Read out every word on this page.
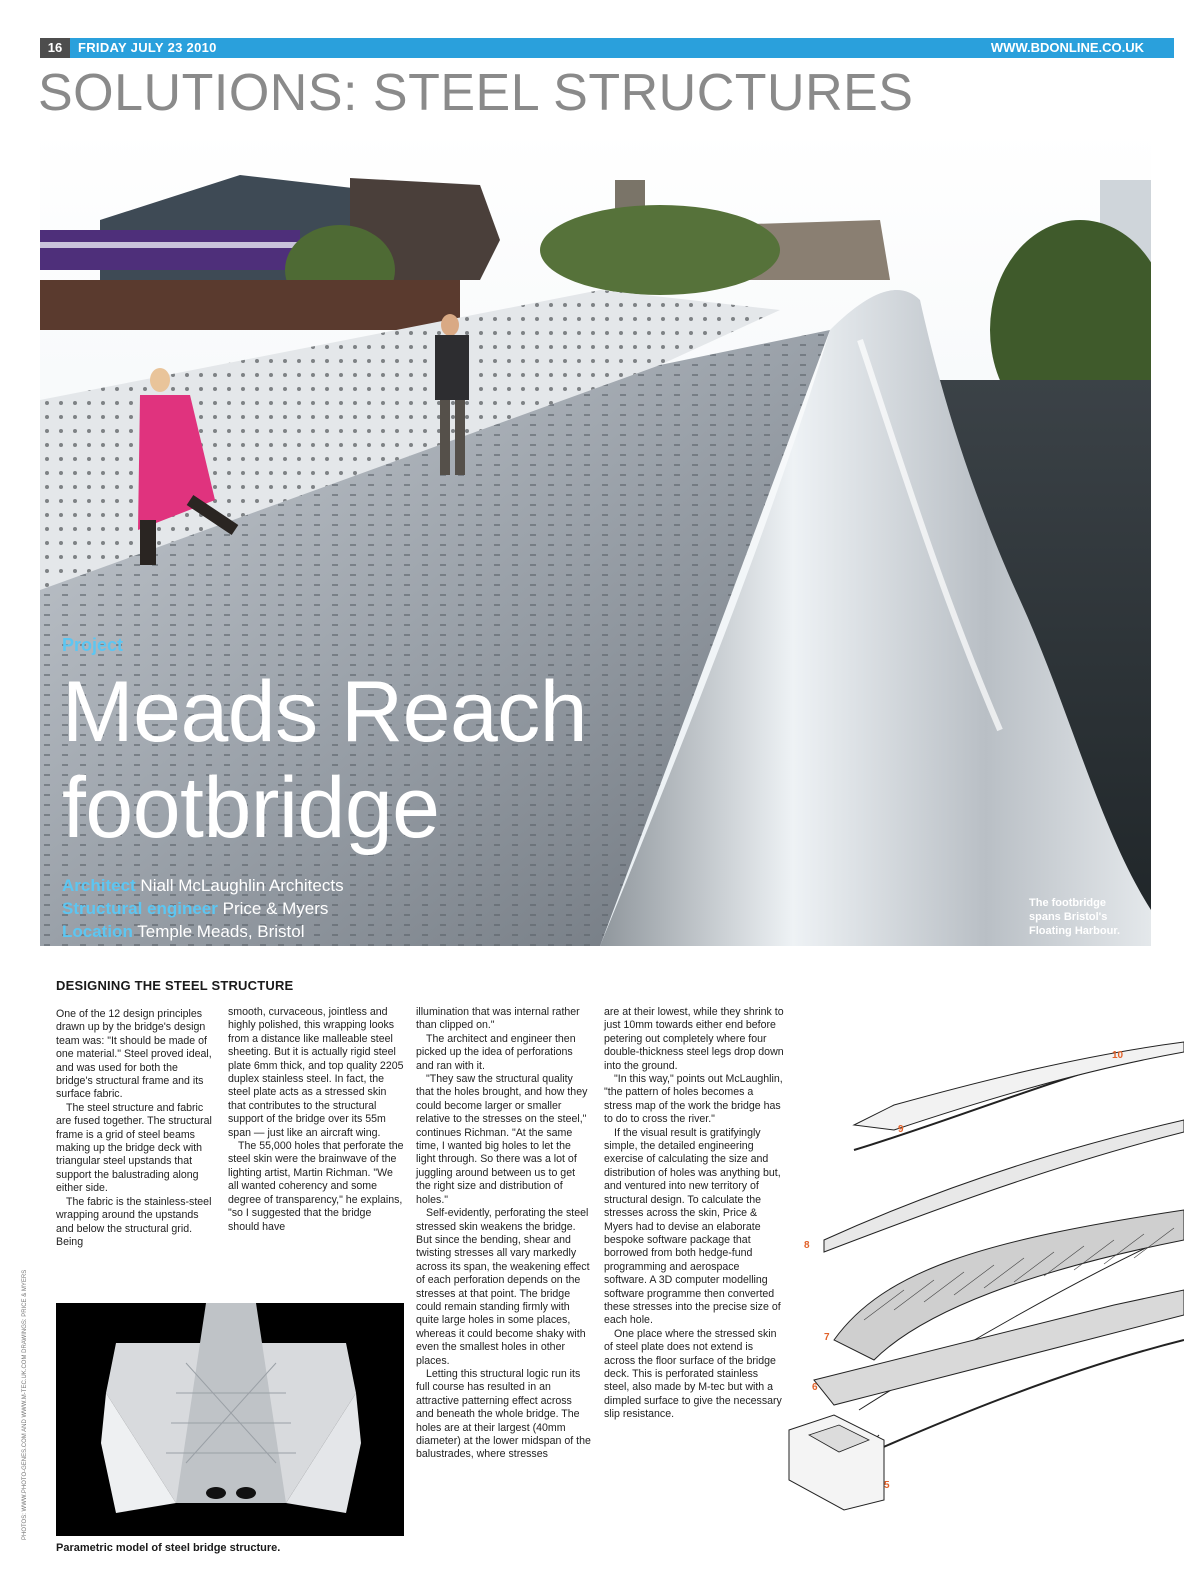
16	FRIDAY JULY 23 2010	WWW.BDONLINE.CO.UK
SOLUTIONS: STEEL STRUCTURES
Project
Meads Reach
footbridge
Architect Niall McLaughlin Architects
Structural engineer Price & Myers
Location Temple Meads, Bristol
The footbridge spans Bristol's Floating Harbour.
DESIGNING THE STEEL STRUCTURE

One of the 12 design principles drawn up by the bridge's design team was: "It should be made of one material." Steel proved ideal, and was used for both the bridge's structural frame and its surface fabric.

The steel structure and fabric are fused together. The structural frame is a grid of steel beams making up the bridge deck with triangular steel upstands that support the balustrading along either side.

The fabric is the stainless-steel wrapping around the upstands and below the structural grid. Being

smooth, curvaceous, jointless and highly polished, this wrapping looks from a distance like malleable steel sheeting. But it is actually rigid steel plate 6mm thick, and top quality 2205 duplex stainless steel. In fact, the steel plate acts as a stressed skin that contributes to the structural support of the bridge over its 55m span — just like an aircraft wing.

The 55,000 holes that perforate the steel skin were the brainwave of the lighting artist, Martin Richman. "We all wanted coherency and some degree of transparency," he explains, "so I suggested that the bridge should have

illumination that was internal rather than clipped on."

The architect and engineer then picked up the idea of perforations and ran with it.

"They saw the structural quality that the holes brought, and how they could become larger or smaller relative to the stresses on the steel," continues Richman. "At the same time, I wanted big holes to let the light through. So there was a lot of juggling around between us to get the right size and distribution of holes."

Self-evidently, perforating the steel stressed skin weakens the bridge. But since the bending, shear and twisting stresses all vary markedly across its span, the weakening effect of each perforation depends on the stresses at that point. The bridge could remain standing firmly with quite large holes in some places, whereas it could become shaky with even the smallest holes in other places.

Letting this structural logic run its full course has resulted in an attractive patterning effect across and beneath the whole bridge. The holes are at their largest (40mm diameter) at the lower midspan of the balustrades, where stresses

are at their lowest, while they shrink to just 10mm towards either end before petering out completely where four double-thickness steel legs drop down into the ground.

"In this way," points out McLaughlin, "the pattern of holes becomes a stress map of the work the bridge has to do to cross the river."

If the visual result is gratifyingly simple, the detailed engineering exercise of calculating the size and distribution of holes was anything but, and ventured into new territory of structural design. To calculate the stresses across the skin, Price & Myers had to devise an elaborate bespoke software package that borrowed from both hedge-fund programming and aerospace software. A 3D computer modelling software programme then converted these stresses into the precise size of each hole.

One place where the stressed skin of steel plate does not extend is across the floor surface of the bridge deck. This is perforated stainless steel, also made by M-tec but with a dimpled surface to give the necessary slip resistance.

Parametric model of steel bridge structure.
PHOTOS: WWW.PHOTO-GENES.COM AND WWW.M-TEC.UK.COM DRAWINGS: PRICE & MYERS
10
9
8
7
6
5
